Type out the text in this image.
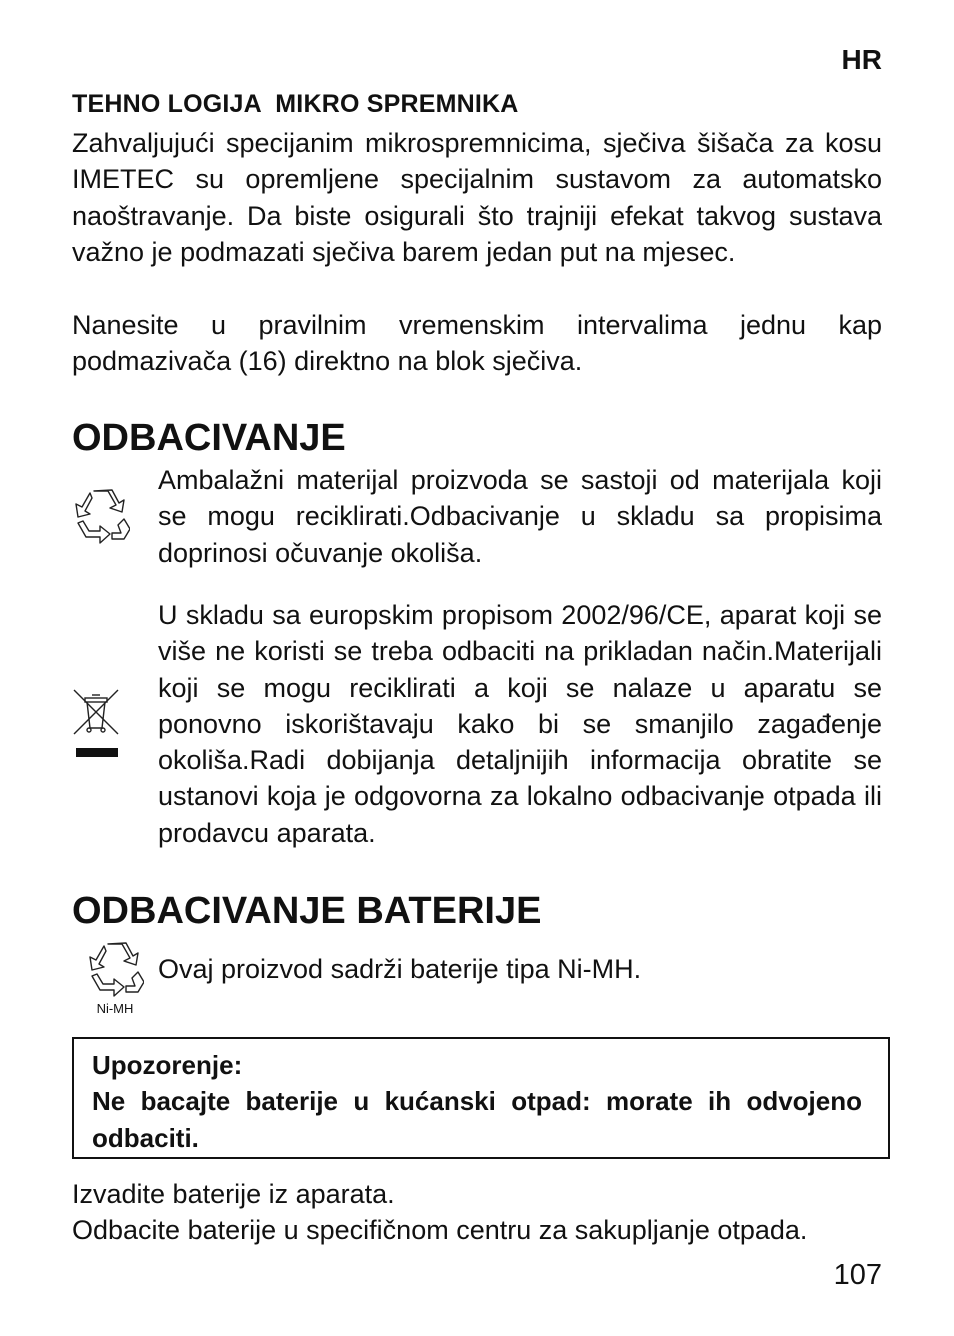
HR
TEHNO LOGIJA  MIKRO SPREMNIKA

Zahvaljujući specijanim mikrospremnicima, sječiva šišača za kosu IMETEC su opremljene specijalnim sustavom za automatsko naoštravanje. Da biste osigurali što trajniji efekat takvog sustava važno je podmazati sječiva barem jedan put na mjesec.

Nanesite u pravilnim vremenskim intervalima jednu kap podmazivača (16) direktno na blok sječiva.

ODBACIVANJE

Ambalažni materijal proizvoda se sastoji od materijala koji se mogu reciklirati.Odbacivanje u skladu sa propisima doprinosi očuvanje okoliša.

U skladu sa europskim propisom 2002/96/CE, aparat koji se više ne koristi se treba odbaciti na prikladan način.Materijali koji se mogu reciklirati a koji se nalaze u aparatu se ponovno iskorištavaju kako bi se smanjilo zagađenje okoliša.Radi dobijanja detaljnijih informacija obratite se ustanovi koja je odgovorna za lokalno odbacivanje otpada ili prodavcu aparata.

ODBACIVANJE BATERIJE
Ni-MH

Ovaj proizvod sadrži baterije tipa Ni-MH.

Upozorenje:

Ne bacajte baterije u kućanski otpad: morate ih odvojeno odbaciti.

Izvadite baterije iz aparata.
Odbacite baterije u specifičnom centru za sakupljanje otpada.
107
